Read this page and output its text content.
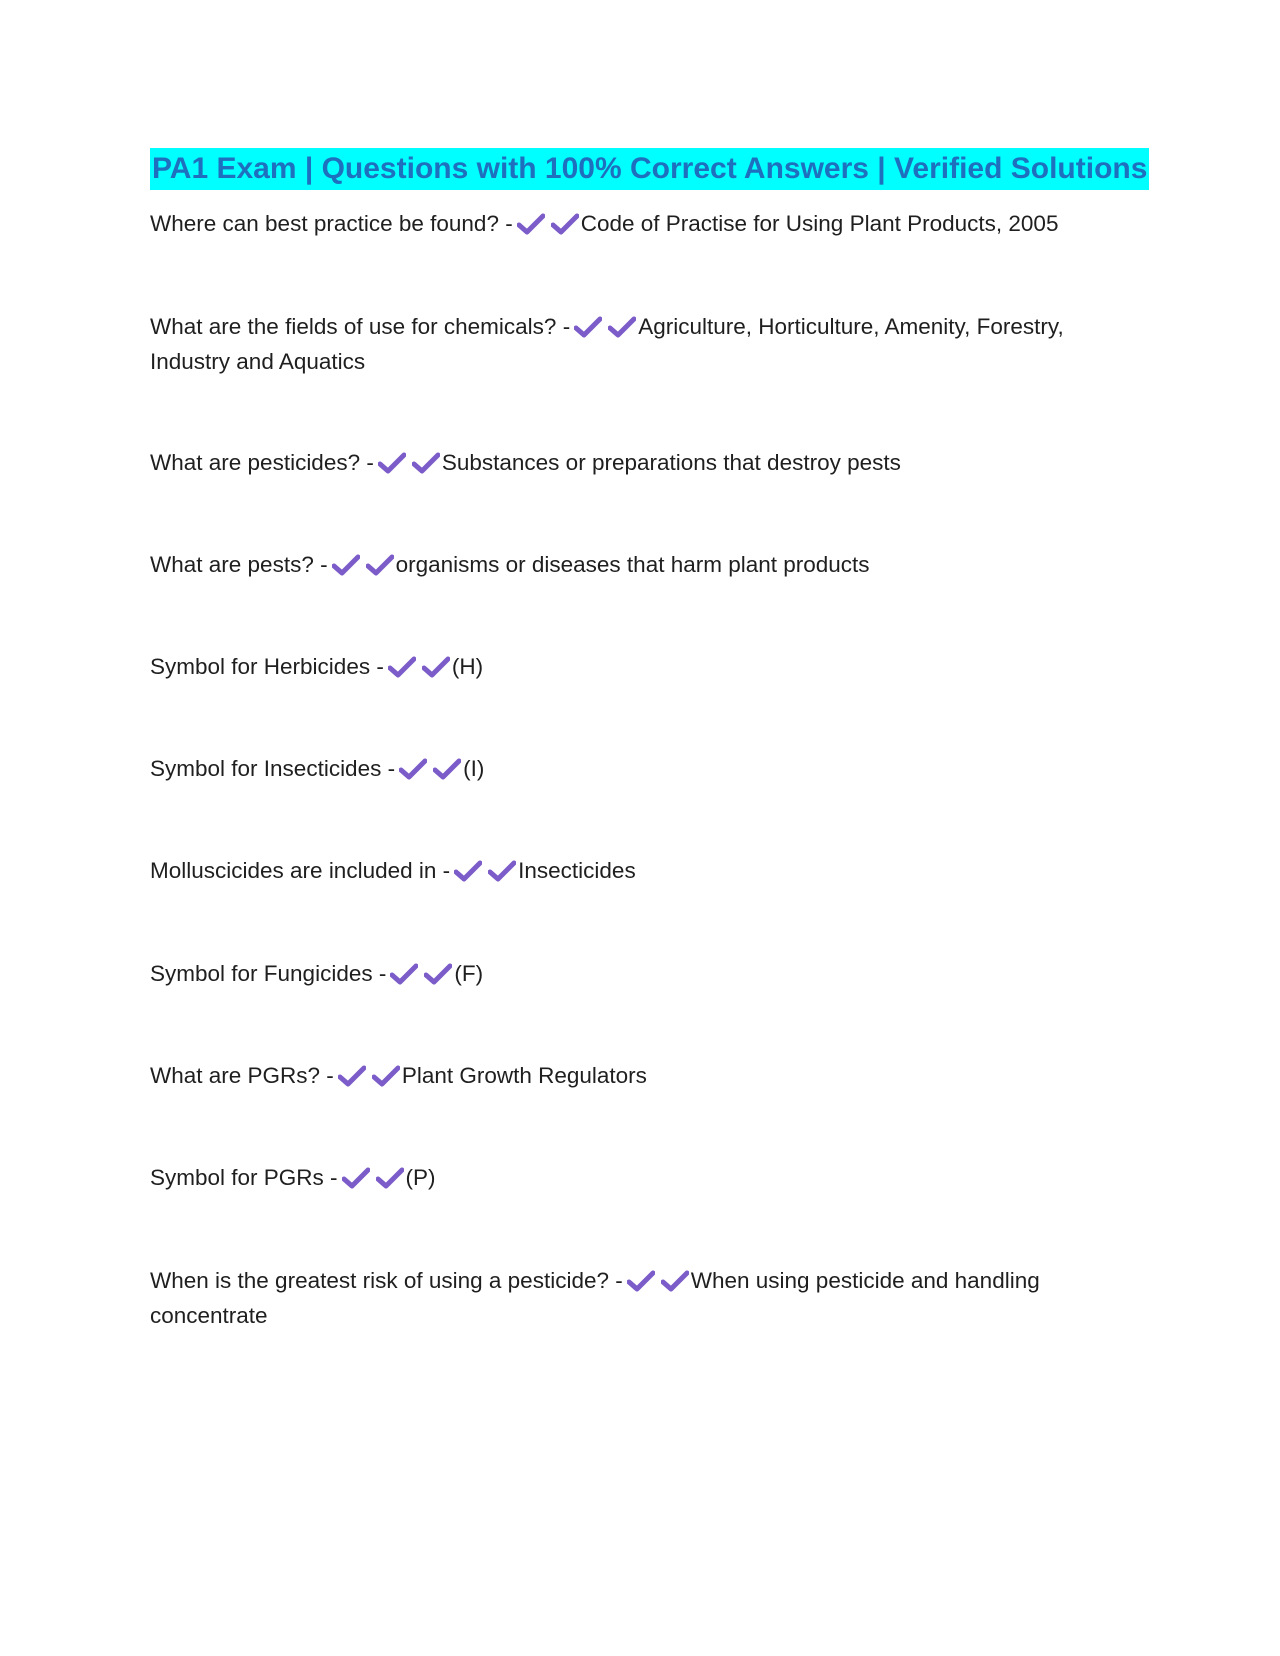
PA1 Exam | Questions with 100% Correct Answers | Verified Solutions
Where can best practice be found? -	Code of Practise for Using Plant Products, 2005
What are the fields of use for chemicals? -	Agriculture, Horticulture, Amenity, Forestry, Industry and Aquatics
What are pesticides? -	Substances or preparations that destroy pests
What are pests? -	organisms or diseases that harm plant products
Symbol for Herbicides -	(H)
Symbol for Insecticides -	(I)
Molluscicides are included in -	Insecticides
Symbol for Fungicides -	(F)
What are PGRs? -	Plant Growth Regulators
Symbol for PGRs -	(P)
When is the greatest risk of using a pesticide? -	When using pesticide and handling concentrate
